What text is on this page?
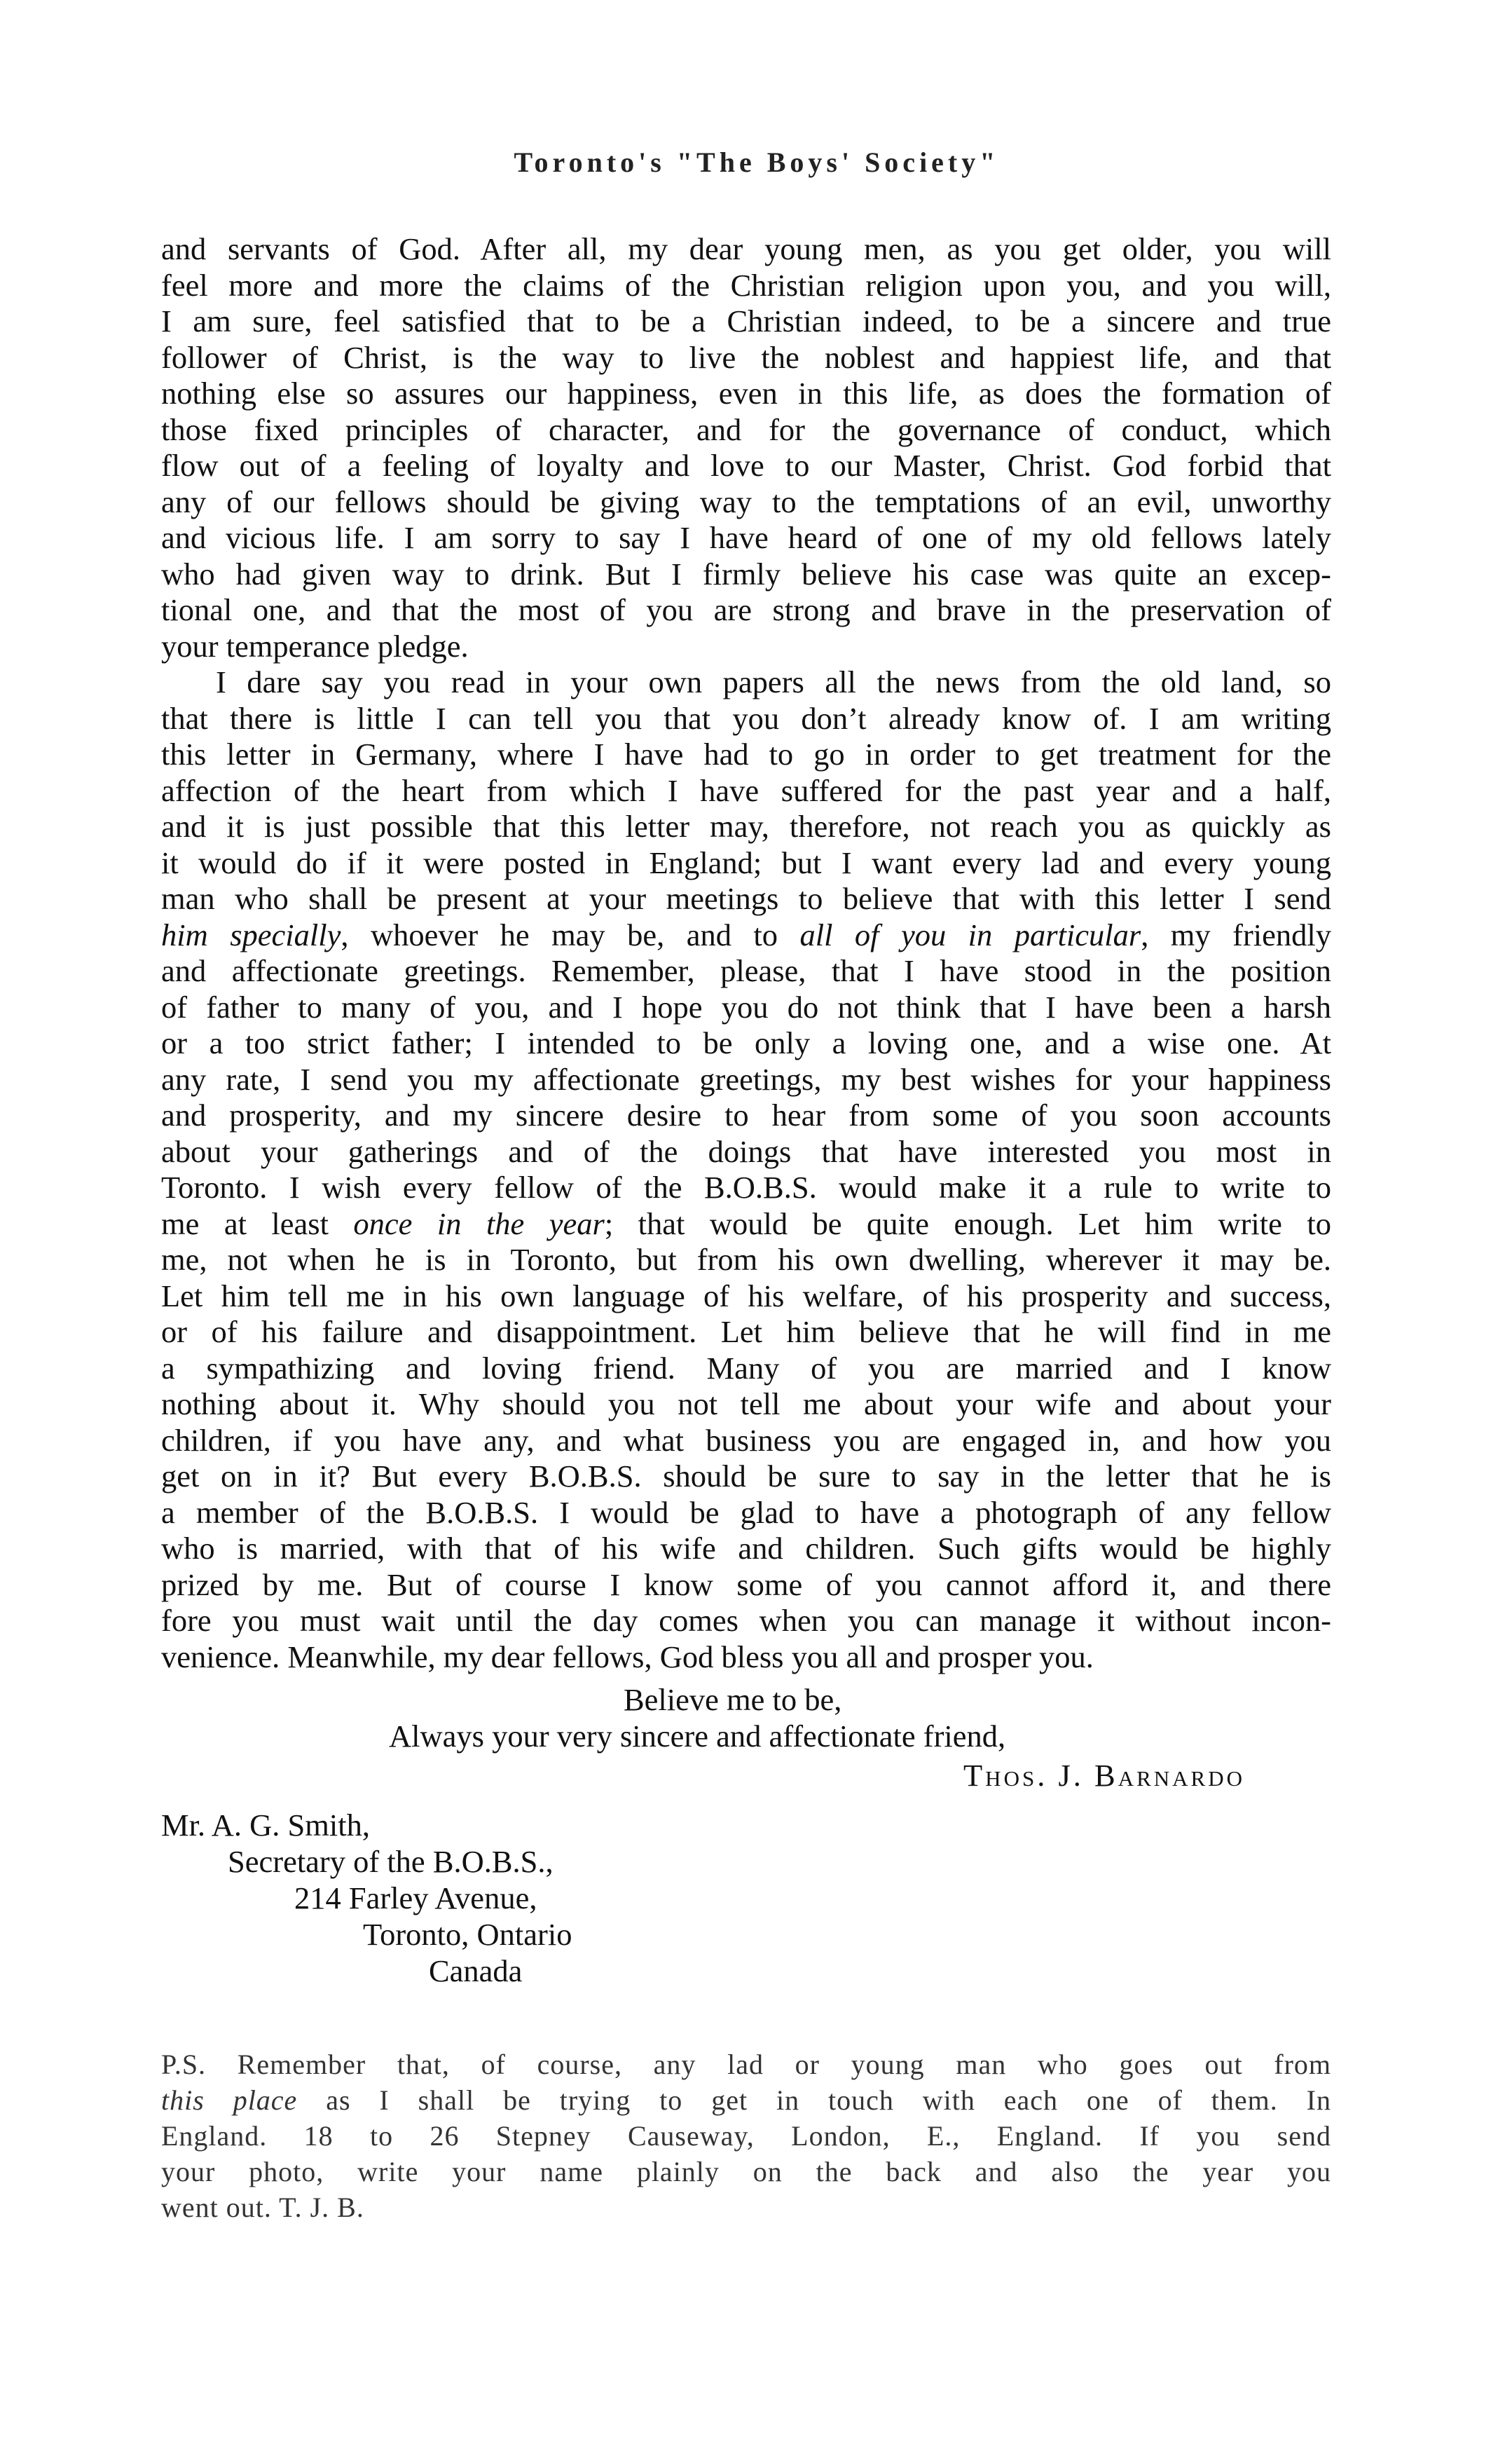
Toronto's "The Boys' Society"
and servants of God. After all, my dear young men, as you get older, you will
feel more and more the claims of the Christian religion upon you, and you will,
I am sure, feel satisfied that to be a Christian indeed, to be a sincere and true
follower of Christ, is the way to live the noblest and happiest life, and that
nothing else so assures our happiness, even in this life, as does the formation of
those fixed principles of character, and for the governance of conduct, which
flow out of a feeling of loyalty and love to our Master, Christ. God forbid that
any of our fellows should be giving way to the temptations of an evil, unworthy
and vicious life. I am sorry to say I have heard of one of my old fellows lately
who had given way to drink. But I firmly believe his case was quite an excep-
tional one, and that the most of you are strong and brave in the preservation of
your temperance pledge.
I dare say you read in your own papers all the news from the old land, so
that there is little I can tell you that you don’t already know of. I am writing
this letter in Germany, where I have had to go in order to get treatment for the
affection of the heart from which I have suffered for the past year and a half,
and it is just possible that this letter may, therefore, not reach you as quickly as
it would do if it were posted in England; but I want every lad and every young
man who shall be present at your meetings to believe that with this letter I send
him specially, whoever he may be, and to all of you in particular, my friendly
and affectionate greetings. Remember, please, that I have stood in the position
of father to many of you, and I hope you do not think that I have been a harsh
or a too strict father; I intended to be only a loving one, and a wise one. At
any rate, I send you my affectionate greetings, my best wishes for your happiness
and prosperity, and my sincere desire to hear from some of you soon accounts
about your gatherings and of the doings that have interested you most in
Toronto. I wish every fellow of the B.O.B.S. would make it a rule to write to
me at least once in the year; that would be quite enough. Let him write to
me, not when he is in Toronto, but from his own dwelling, wherever it may be.
Let him tell me in his own language of his welfare, of his prosperity and success,
or of his failure and disappointment. Let him believe that he will find in me
a sympathizing and loving friend. Many of you are married and I know
nothing about it. Why should you not tell me about your wife and about your
children, if you have any, and what business you are engaged in, and how you
get on in it? But every B.O.B.S. should be sure to say in the letter that he is
a member of the B.O.B.S. I would be glad to have a photograph of any fellow
who is married, with that of his wife and children. Such gifts would be highly
prized by me. But of course I know some of you cannot afford it, and there
fore you must wait until the day comes when you can manage it without incon-
venience. Meanwhile, my dear fellows, God bless you all and prosper you.
Believe me to be,
Always your very sincere and affectionate friend,
Thos. J. Barnardo
Mr. A. G. Smith,
Secretary of the B.O.B.S.,
214 Farley Avenue,
Toronto, Ontario
Canada
P.S. Remember that, of course, any lad or young man who goes out from
this place as I shall be trying to get in touch with each one of them. In
England. 18 to 26 Stepney Causeway, London, E., England. If you send
your photo, write your name plainly on the back and also the year you
went out. T. J. B.
